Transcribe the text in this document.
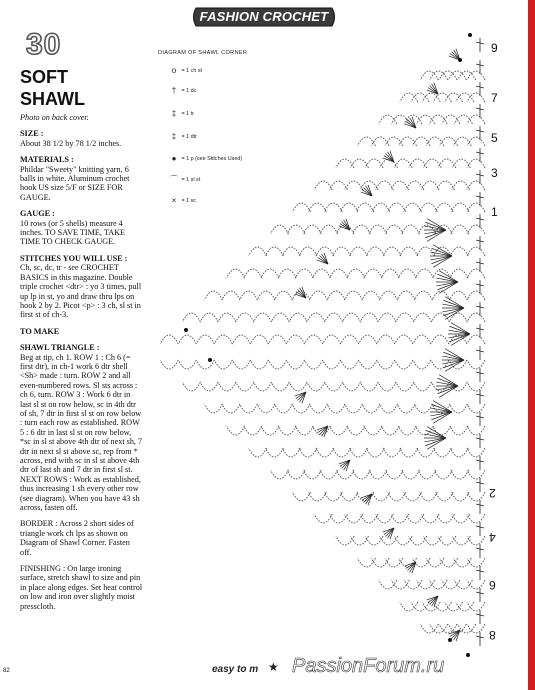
FASHION CROCHET
30
SOFT
SHAWL
Photo on back cover.
SIZE :
About 38 1/2 by 78 1/2 inches.
MATERIALS :
Phildar "Sweety" knitting yarn, 6 balls in white. Aluminum crochet hook US size 5/F or SIZE FOR GAUGE.
GAUGE :
10 rows (or 5 shells) measure 4 inches. TO SAVE TIME, TAKE TIME TO CHECK GAUGE.
STITCHES YOU WILL USE :
Ch, sc, dc, tr - see CROCHET BASICS in this magazine. Double triple crochet <dtr> : yo 3 times, pull up lp in st, yo and draw thru lps on hook 2 by 2. Picot <p> : 3 ch, sl st in first st of ch-3.
TO MAKE
SHAWL TRIANGLE :
Beg at tip, ch 1. ROW 1 : Ch 6 (= first dtr), in ch-1 work 6 dtr shell <Sh> made : turn. ROW 2 and all even-numbered rows. Sl sts across : ch 6, turn. ROW 3 : Work 6 dtr in last sl st on row below, sc in 4th dtr of sh, 7 dtr in first sl st on row below : turn each row as established. ROW 5 : 6 dtr in last sl st on row below, *sc in sl st above 4th dtr of next sh, 7 dtr in next sl st above sc, rep from * across, end with sc in sl st above 4th dtr of last sh and 7 dtr in first sl st. NEXT ROWS : Work as established, thus increasing 1 sh every other row (see diagram). When you have 43 sh across, fasten off.
BORDER : Across 2 short sides of triangle work ch lps as shown on Diagram of Shawl Corner. Fasten off.
FINISHING : On large ironing surface, stretch shawl to size and pin in place along edges. Set heat control on low and iron over slightly moist presscloth.
DIAGRAM OF SHAWL CORNER
o = 1 ch st
† = 1 dc
‡ = 1 tr
‡ = 1 dtr
● = 1 p (see Stitches Used)
⌒ = 1 sl st
× = 1 sc
9
7
5
3
1
2
4
6
8
82	easy to m ★ PassionForum.ru
